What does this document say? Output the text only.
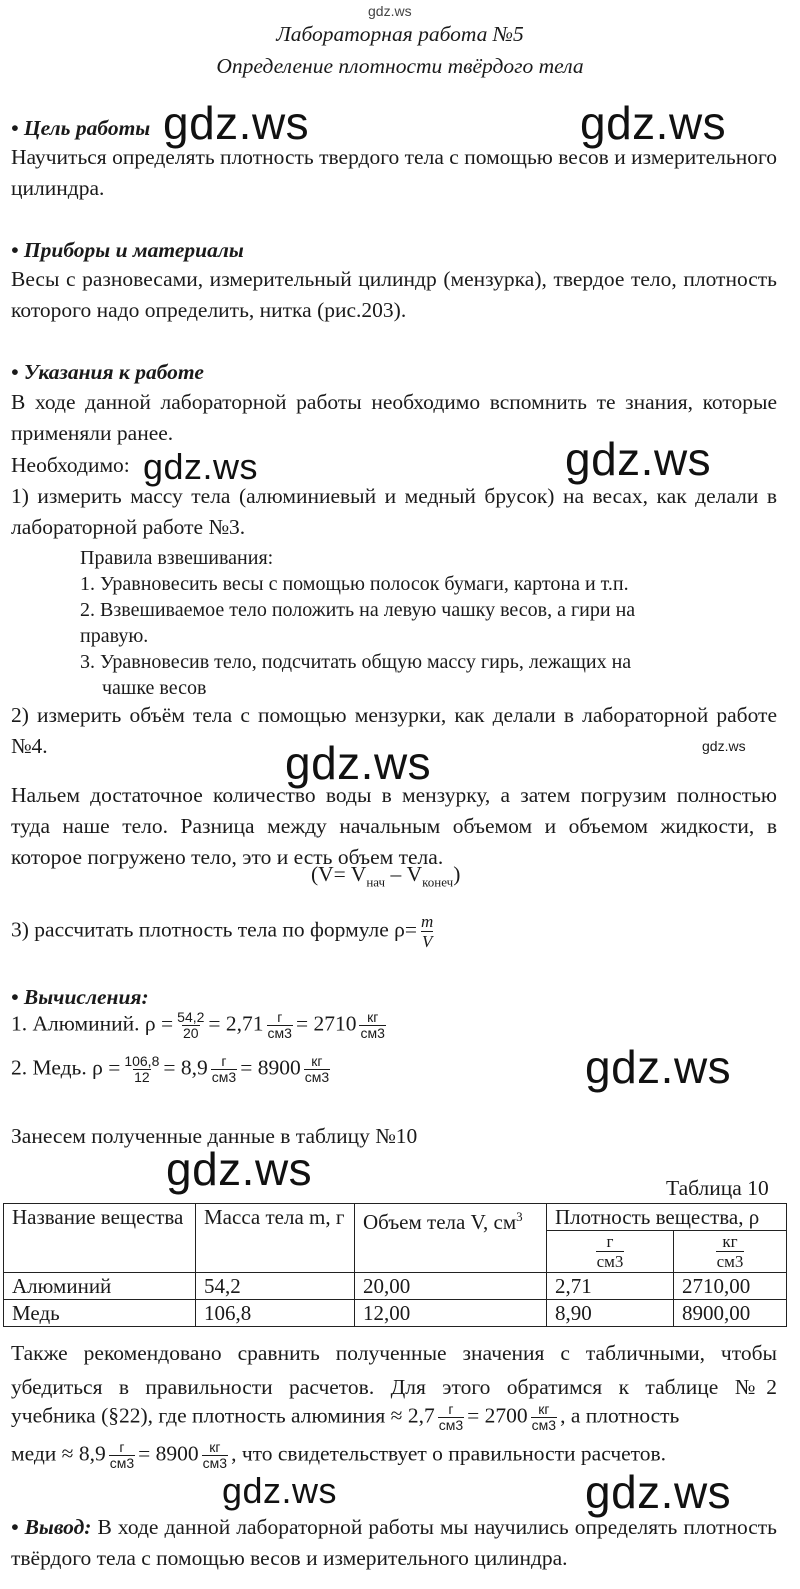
gdz.ws
Лабораторная работа №5
Определение плотности твёрдого тела
• Цель работы
Научиться определять плотность твердого тела с помощью весов и измерительного цилиндра.
• Приборы и материалы
Весы с разновесами, измерительный цилиндр (мензурка), твердое тело, плотность которого надо определить, нитка (рис.203).
• Указания к работе
В ходе данной лабораторной работы необходимо вспомнить те знания, которые применяли ранее.
Необходимо:
1) измерить массу тела (алюминиевый и медный брусок) на весах, как делали в лабораторной работе №3.
Правила взвешивания:
1. Уравновесить весы с помощью полосок бумаги, картона и т.п.
2. Взвешиваемое тело положить на левую чашку весов, а гири на
правую.
3. Уравновесив тело, подсчитать общую массу гирь, лежащих на
чашке весов
2) измерить объём тела с помощью мензурки, как делали в лабораторной работе №4.	gdz.ws
Нальем достаточное количество воды в мензурку, а затем погрузим полностью туда наше тело. Разница между начальным объемом и объемом жидкости, в которое погружено тело, это и есть объем тела.
$(V= V_{нач} - V_{конеч})$
3) рассчитать плотность тела по формуле $\rho= \frac{m}{V}$
• Вычисления:
1. Алюминий. $\rho = \frac{54,2}{20} = 2,71 \frac{г}{см3} = 2710 \frac{кг}{см3}$
2. Медь. $\rho = \frac{106,8}{12} = 8,9 \frac{г}{см3} = 8900 \frac{кг}{см3}$
Занесем полученные данные в таблицу №10
Таблица 10
Название вещества	Масса тела m, г	Объем тела V, $см^3$	Плотность вещества, ρ	

			$\frac{г}{см3}$	$\frac{кг}{см3}$

Алюминий	54,2	20,00	2,71	2710,00
Медь	106,8	12,00	8,90	8900,00
Также рекомендовано сравнить полученные значения с табличными, чтобы
убедиться в правильности расчетов. Для этого обратимся к таблице №2
учебника (§22), где плотность алюминия ≈ $2,7 \frac{г}{см3} = 2700 \frac{кг}{см3}$ , а плотность
меди ≈ $8,9 \frac{г}{см3} = 8900 \frac{кг}{см3}$ , что свидетельствует о правильности расчетов.
• Вывод: В ходе данной лабораторной работы мы научились определять плотность твёрдого тела с помощью весов и измерительного цилиндра.
gdz.ws	gdz.ws
gdz.ws	gdz.ws
gdz.ws
gdz.ws
gdz.ws
gdz.ws	gdz.ws
